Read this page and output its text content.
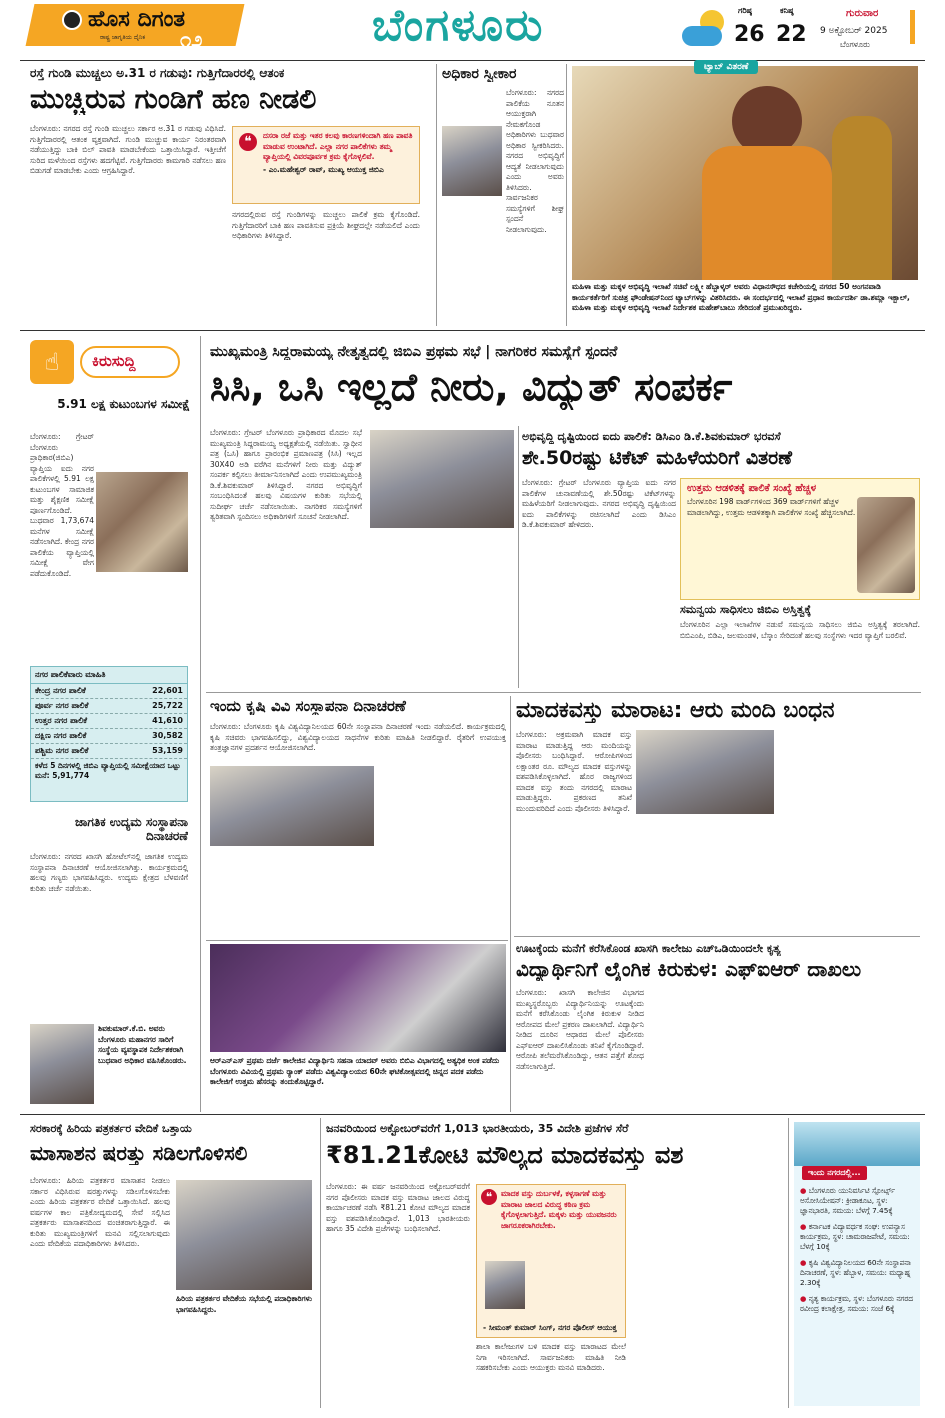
ಹೊಸ ದಿಗಂತ
ರಾಷ್ಟ್ರ ಜಾಗೃತಿಯ ದೈನಿಕ ೧೨	ಬೆಂಗಳೂರು	ಗರಿಷ್ಠ
26
ಕನಿಷ್ಠ
22
ಗುರುವಾರ
9 ಅಕ್ಟೋಬರ್ 2025
ಬೆಂಗಳೂರು
ರಸ್ತೆ ಗುಂಡಿ ಮುಚ್ಚಲು ಅ.31 ರ ಗಡುವು: ಗುತ್ತಿಗೆದಾರರಲ್ಲಿ ಆತಂಕ
ಮುಚ್ಚಿರುವ ಗುಂಡಿಗೆ ಹಣ ನೀಡಲಿ
ಬೆಂಗಳೂರು: ನಗರದ ರಸ್ತೆ ಗುಂಡಿ ಮುಚ್ಚಲು ಸರ್ಕಾರ ಅ.31 ರ ಗಡುವು ವಿಧಿಸಿದೆ. ಗುತ್ತಿಗೆದಾರರಲ್ಲಿ ಆತಂಕ ವ್ಯಕ್ತವಾಗಿದೆ. ಗುಂಡಿ ಮುಚ್ಚುವ ಕಾರ್ಯ ನಿರಂತರವಾಗಿ ನಡೆಯುತ್ತಿದ್ದು ಬಾಕಿ ಬಿಲ್ ಪಾವತಿ ಮಾಡಬೇಕೆಂದು ಒತ್ತಾಯಿಸಿದ್ದಾರೆ. ಇತ್ತೀಚೆಗೆ ಸುರಿದ ಮಳೆಯಿಂದ ರಸ್ತೆಗಳು ಹದಗೆಟ್ಟಿವೆ. ಗುತ್ತಿಗೆದಾರರು ಕಾಮಗಾರಿ ನಡೆಸಲು ಹಣ ಬಿಡುಗಡೆ ಮಾಡಬೇಕು ಎಂದು ಆಗ್ರಹಿಸಿದ್ದಾರೆ.
❝	ದಸರಾ ರಜೆ ಮತ್ತು ಇತರ ಕಲವು ಕಾರಣಗಳಿಂದಾಗಿ ಹಣ ಪಾವತಿ ಮಾಡುವ ಉಂಟಾಗಿದೆ. ಎಲ್ಲಾ ನಗರ ಪಾಲಿಕೆಗಳು ತಮ್ಮ ವ್ಯಾಪ್ತಿಯಲ್ಲಿ ವಿವರಪೂರ್ವಕ ಕ್ರಮ ಕೈಗೊಳ್ಳಲಿವೆ.
- ಎಂ.ಮಹೇಶ್ವರ್ ರಾವ್, ಮುಖ್ಯ ಆಯುಕ್ತ ಜಿಬಿಎ
ನಗರದಲ್ಲಿರುವ ರಸ್ತೆ ಗುಂಡಿಗಳನ್ನು ಮುಚ್ಚಲು ಪಾಲಿಕೆ ಕ್ರಮ ಕೈಗೊಂಡಿದೆ. ಗುತ್ತಿಗೆದಾರರಿಗೆ ಬಾಕಿ ಹಣ ಪಾವತಿಸುವ ಪ್ರಕ್ರಿಯೆ ಶೀಘ್ರದಲ್ಲೇ ನಡೆಯಲಿದೆ ಎಂದು ಅಧಿಕಾರಿಗಳು ತಿಳಿಸಿದ್ದಾರೆ.
ಅಧಿಕಾರ ಸ್ವೀಕಾರ
ಬೆಂಗಳೂರು: ನಗರದ ಪಾಲಿಕೆಯ ನೂತನ ಆಯುಕ್ತರಾಗಿ ನೇಮಕಗೊಂಡ ಅಧಿಕಾರಿಗಳು ಬುಧವಾರ ಅಧಿಕಾರ ಸ್ವೀಕರಿಸಿದರು. ನಗರದ ಅಭಿವೃದ್ಧಿಗೆ ಆದ್ಯತೆ ನೀಡಲಾಗುವುದು ಎಂದು ಅವರು ತಿಳಿಸಿದರು. ಸಾರ್ವಜನಿಕರ ಸಮಸ್ಯೆಗಳಿಗೆ ಶೀಘ್ರ ಸ್ಪಂದನೆ ನೀಡಲಾಗುವುದು.
ಟ್ಯಾಬ್ ವಿತರಣೆ
ಮಹಿಳಾ ಮತ್ತು ಮಕ್ಕಳ ಅಭಿವೃದ್ಧಿ ಇಲಾಖೆ ಸಚಿವೆ ಲಕ್ಷ್ಮೀ ಹೆಬ್ಬಾಳ್ಕರ್ ಅವರು ವಿಧಾನಸೌಧದ ಕಚೇರಿಯಲ್ಲಿ ನಗರದ 50 ಅಂಗನವಾಡಿ ಕಾರ್ಯಕರ್ತೆರಿಗೆ ಸುಚಿತ್ರ ಫೌಂಡೇಷನ್‌ನಿಂದ ಟ್ಯಾಬ್‌ಗಳನ್ನು ವಿತರಿಸಿದರು. ಈ ಸಂದರ್ಭದಲ್ಲಿ ಇಲಾಖೆ ಪ್ರಧಾನ ಕಾರ್ಯದರ್ಶಿ ಡಾ.ಶಮ್ಲಾ ಇಕ್ಬಾಲ್, ಮಹಿಳಾ ಮತ್ತು ಮಕ್ಕಳ ಅಭಿವೃದ್ಧಿ ಇಲಾಖೆ ನಿರ್ದೇಶಕ ಮಹೇಶ್‌ಬಾಬು ಸೇರಿದಂತೆ ಪ್ರಮುಖರಿದ್ದರು.
☝	ಕಿರುಸುದ್ದಿ
5.91 ಲಕ್ಷ ಕುಟುಂಬಗಳ ಸಮೀಕ್ಷೆ
ಬೆಂಗಳೂರು: ಗ್ರೇಟರ್ ಬೆಂಗಳೂರು ಪ್ರಾಧಿಕಾರ(ಜಿಬಿಎ) ವ್ಯಾಪ್ತಿಯ ಐದು ನಗರ ಪಾಲಿಕೆಗಳಲ್ಲಿ 5.91 ಲಕ್ಷ ಕುಟುಂಬಗಳ ಸಾಮಾಜಿಕ ಮತ್ತು ಶೈಕ್ಷಣಿಕ ಸಮೀಕ್ಷೆ ಪೂರ್ಣಗೊಂಡಿದೆ. ಬುಧವಾರ 1,73,674 ಮನೆಗಳ ಸಮೀಕ್ಷೆ ನಡೆಸಲಾಗಿದೆ. ಕೇಂದ್ರ ನಗರ ಪಾಲಿಕೆಯ ವ್ಯಾಪ್ತಿಯಲ್ಲಿ ಸಮೀಕ್ಷೆ ವೇಗ ಪಡೆದುಕೊಂಡಿದೆ.
ನಗರ ಪಾಲಿಕೆವಾರು ಮಾಹಿತಿ
ಕೇಂದ್ರ ನಗರ ಪಾಲಿಕೆ	22,601
ಪೂರ್ವ ನಗರ ಪಾಲಿಕೆ	25,722
ಉತ್ತರ ನಗರ ಪಾಲಿಕೆ	41,610
ದಕ್ಷಿಣ ನಗರ ಪಾಲಿಕೆ	30,582
ಪಶ್ಚಿಮ ನಗರ ಪಾಲಿಕೆ	53,159
ಕಳೆದ 5 ದಿನಗಳಲ್ಲಿ ಜಿಬಿಎ ವ್ಯಾಪ್ತಿಯಲ್ಲಿ ಸಮೀಕ್ಷೆಯಾದ ಒಟ್ಟು ಮನೆ: 5,91,774
ಜಾಗತಿಕ ಉದ್ಯಮ ಸಂಸ್ಥಾಪನಾ ದಿನಾಚರಣೆ
ಬೆಂಗಳೂರು: ನಗರದ ಖಾಸಗಿ ಹೋಟೆಲ್‌ನಲ್ಲಿ ಜಾಗತಿಕ ಉದ್ಯಮ ಸಂಸ್ಥಾಪನಾ ದಿನಾಚರಣೆ ಆಯೋಜಿಸಲಾಗಿತ್ತು. ಕಾರ್ಯಕ್ರಮದಲ್ಲಿ ಹಲವು ಗಣ್ಯರು ಭಾಗವಹಿಸಿದ್ದರು. ಉದ್ಯಮ ಕ್ಷೇತ್ರದ ಬೆಳವಣಿಗೆ ಕುರಿತು ಚರ್ಚೆ ನಡೆಯಿತು.
ಶಿವಕುಮಾರ್.ಕೆ.ಬಿ. ಅವರು ಬೆಂಗಳೂರು ಮಹಾನಗರ ಸಾರಿಗೆ ಸಂಸ್ಥೆಯ ವ್ಯವಸ್ಥಾಪಕ ನಿರ್ದೇಶಕರಾಗಿ ಬುಧವಾರ ಅಧಿಕಾರ ವಹಿಸಿಕೊಂಡರು.
ಮುಖ್ಯಮಂತ್ರಿ ಸಿದ್ದರಾಮಯ್ಯ ನೇತೃತ್ವದಲ್ಲಿ ಜಿಬಿಎ ಪ್ರಥಮ ಸಭೆ | ನಾಗರಿಕರ ಸಮಸ್ಯೆಗೆ ಸ್ಪಂದನೆ
ಸಿಸಿ, ಒಸಿ ಇಲ್ಲದೆ ನೀರು, ವಿದ್ಯುತ್ ಸಂಪರ್ಕ
ಬೆಂಗಳೂರು: ಗ್ರೇಟರ್ ಬೆಂಗಳೂರು ಪ್ರಾಧಿಕಾರದ ಮೊದಲ ಸಭೆ ಮುಖ್ಯಮಂತ್ರಿ ಸಿದ್ದರಾಮಯ್ಯ ಅಧ್ಯಕ್ಷತೆಯಲ್ಲಿ ನಡೆಯಿತು. ಸ್ವಾಧೀನ ಪತ್ರ (ಒಸಿ) ಹಾಗೂ ಪ್ರಾರಂಭಿಕ ಪ್ರಮಾಣಪತ್ರ (ಸಿಸಿ) ಇಲ್ಲದ 30X40 ಅಡಿ ವರೆಗಿನ ಮನೆಗಳಿಗೆ ನೀರು ಮತ್ತು ವಿದ್ಯುತ್ ಸಂಪರ್ಕ ಕಲ್ಪಿಸಲು ತೀರ್ಮಾನಿಸಲಾಗಿದೆ ಎಂದು ಉಪಮುಖ್ಯಮಂತ್ರಿ ಡಿ.ಕೆ.ಶಿವಕುಮಾರ್ ತಿಳಿಸಿದ್ದಾರೆ. ನಗರದ ಅಭಿವೃದ್ಧಿಗೆ ಸಂಬಂಧಿಸಿದಂತೆ ಹಲವು ವಿಷಯಗಳ ಕುರಿತು ಸಭೆಯಲ್ಲಿ ಸುದೀರ್ಘ ಚರ್ಚೆ ನಡೆಸಲಾಯಿತು. ನಾಗರಿಕರ ಸಮಸ್ಯೆಗಳಿಗೆ ತ್ವರಿತವಾಗಿ ಸ್ಪಂದಿಸಲು ಅಧಿಕಾರಿಗಳಿಗೆ ಸೂಚನೆ ನೀಡಲಾಗಿದೆ.
ಅಭಿವೃದ್ಧಿ ದೃಷ್ಟಿಯಿಂದ ಐದು ಪಾಲಿಕೆ: ಡಿಸಿಎಂ ಡಿ.ಕೆ.ಶಿವಕುಮಾರ್ ಭರವಸೆ
ಶೇ.50ರಷ್ಟು ಟಿಕೆಟ್ ಮಹಿಳೆಯರಿಗೆ ವಿತರಣೆ
ಬೆಂಗಳೂರು: ಗ್ರೇಟರ್ ಬೆಂಗಳೂರು ವ್ಯಾಪ್ತಿಯ ಐದು ನಗರ ಪಾಲಿಕೆಗಳ ಚುನಾವಣೆಯಲ್ಲಿ ಶೇ.50ರಷ್ಟು ಟಿಕೆಟ್‌ಗಳನ್ನು ಮಹಿಳೆಯರಿಗೆ ನೀಡಲಾಗುವುದು. ನಗರದ ಅಭಿವೃದ್ಧಿ ದೃಷ್ಟಿಯಿಂದ ಐದು ಪಾಲಿಕೆಗಳನ್ನು ರಚಿಸಲಾಗಿದೆ ಎಂದು ಡಿಸಿಎಂ ಡಿ.ಕೆ.ಶಿವಕುಮಾರ್ ಹೇಳಿದರು.
ಉತ್ತಮ ಆಡಳಿತಕ್ಕೆ ಪಾಲಿಕೆ ಸಂಖ್ಯೆ ಹೆಚ್ಚಳ
ಬೆಂಗಳೂರಿನ 198 ವಾರ್ಡ್‌ಗಳಿಂದ 369 ವಾರ್ಡ್‌ಗಳಿಗೆ ಹೆಚ್ಚಳ ಮಾಡಲಾಗಿದ್ದು, ಉತ್ತಮ ಆಡಳಿತಕ್ಕಾಗಿ ಪಾಲಿಕೆಗಳ ಸಂಖ್ಯೆ ಹೆಚ್ಚಿಸಲಾಗಿದೆ.
ಸಮನ್ವಯ ಸಾಧಿಸಲು ಜಿಬಿಎ ಅಸ್ತಿತ್ವಕ್ಕೆ
ಬೆಂಗಳೂರಿನ ಎಲ್ಲಾ ಇಲಾಖೆಗಳ ನಡುವೆ ಸಮನ್ವಯ ಸಾಧಿಸಲು ಜಿಬಿಎ ಅಸ್ತಿತ್ವಕ್ಕೆ ತರಲಾಗಿದೆ. ಬಿಬಿಎಂಪಿ, ಬಿಡಿಎ, ಜಲಮಂಡಳಿ, ಬೆಸ್ಕಾಂ ಸೇರಿದಂತೆ ಹಲವು ಸಂಸ್ಥೆಗಳು ಇದರ ವ್ಯಾಪ್ತಿಗೆ ಬರಲಿವೆ.
ಇಂದು ಕೃಷಿ ವಿವಿ ಸಂಸ್ಥಾಪನಾ ದಿನಾಚರಣೆ
ಬೆಂಗಳೂರು: ಬೆಂಗಳೂರು ಕೃಷಿ ವಿಶ್ವವಿದ್ಯಾನಿಲಯದ 60ನೇ ಸಂಸ್ಥಾಪನಾ ದಿನಾಚರಣೆ ಇಂದು ನಡೆಯಲಿದೆ. ಕಾರ್ಯಕ್ರಮದಲ್ಲಿ ಕೃಷಿ ಸಚಿವರು ಭಾಗವಹಿಸಲಿದ್ದು, ವಿಶ್ವವಿದ್ಯಾಲಯದ ಸಾಧನೆಗಳ ಕುರಿತು ಮಾಹಿತಿ ನೀಡಲಿದ್ದಾರೆ. ರೈತರಿಗೆ ಉಪಯುಕ್ತ ತಂತ್ರಜ್ಞಾನಗಳ ಪ್ರದರ್ಶನ ಆಯೋಜಿಸಲಾಗಿದೆ.
ಆರ್‌ಎನ್‌ಎಸ್ ಪ್ರಥಮ ದರ್ಜೆ ಕಾಲೇಜಿನ ವಿದ್ಯಾರ್ಥಿನಿ ಸಹನಾ ಯಾದವ್ ಅವರು ಬಿಬಿಎ ವಿಭಾಗದಲ್ಲಿ ಅತ್ಯಧಿಕ ಅಂಕ ಪಡೆದು ಬೆಂಗಳೂರು ವಿವಿಯಲ್ಲಿ ಪ್ರಥಮ ರ‍್ಯಾಂಕ್ ಪಡೆದು ವಿಶ್ವವಿದ್ಯಾಲಯದ 60ನೇ ಘಟಿಕೋತ್ಸವದಲ್ಲಿ ಚಿನ್ನದ ಪದಕ ಪಡೆದು ಕಾಲೇಜಿಗೆ ಉತ್ತಮ ಹೆಸರನ್ನು ತಂದುಕೊಟ್ಟಿದ್ದಾರೆ.
ಮಾದಕವಸ್ತು ಮಾರಾಟ: ಆರು ಮಂದಿ ಬಂಧನ
ಬೆಂಗಳೂರು: ಅಕ್ರಮವಾಗಿ ಮಾದಕ ವಸ್ತು ಮಾರಾಟ ಮಾಡುತ್ತಿದ್ದ ಆರು ಮಂದಿಯನ್ನು ಪೊಲೀಸರು ಬಂಧಿಸಿದ್ದಾರೆ. ಆರೋಪಿಗಳಿಂದ ಲಕ್ಷಾಂತರ ರೂ. ಮೌಲ್ಯದ ಮಾದಕ ವಸ್ತುಗಳನ್ನು ವಶಪಡಿಸಿಕೊಳ್ಳಲಾಗಿದೆ. ಹೊರ ರಾಜ್ಯಗಳಿಂದ ಮಾದಕ ವಸ್ತು ತಂದು ನಗರದಲ್ಲಿ ಮಾರಾಟ ಮಾಡುತ್ತಿದ್ದರು. ಪ್ರಕರಣದ ತನಿಖೆ ಮುಂದುವರಿದಿದೆ ಎಂದು ಪೊಲೀಸರು ತಿಳಿಸಿದ್ದಾರೆ.
ಊಟಕ್ಕೆಂದು ಮನೆಗೆ ಕರೆಸಿಕೊಂಡ ಖಾಸಗಿ ಕಾಲೇಜು ಎಚ್‌ಒಡಿಯಿಂದಲೇ ಕೃತ್ಯ
ವಿದ್ಯಾರ್ಥಿನಿಗೆ ಲೈಂಗಿಕ ಕಿರುಕುಳ: ಎಫ್‌ಐಆರ್ ದಾಖಲು
ಬೆಂಗಳೂರು: ಖಾಸಗಿ ಕಾಲೇಜಿನ ವಿಭಾಗದ ಮುಖ್ಯಸ್ಥರೊಬ್ಬರು ವಿದ್ಯಾರ್ಥಿನಿಯನ್ನು ಊಟಕ್ಕೆಂದು ಮನೆಗೆ ಕರೆಸಿಕೊಂಡು ಲೈಂಗಿಕ ಕಿರುಕುಳ ನೀಡಿದ ಆರೋಪದ ಮೇಲೆ ಪ್ರಕರಣ ದಾಖಲಾಗಿದೆ. ವಿದ್ಯಾರ್ಥಿನಿ ನೀಡಿದ ದೂರಿನ ಆಧಾರದ ಮೇಲೆ ಪೊಲೀಸರು ಎಫ್‌ಐಆರ್ ದಾಖಲಿಸಿಕೊಂಡು ತನಿಖೆ ಕೈಗೊಂಡಿದ್ದಾರೆ. ಆರೋಪಿ ತಲೆಮರೆಸಿಕೊಂಡಿದ್ದು, ಆತನ ಪತ್ತೆಗೆ ಶೋಧ ನಡೆಸಲಾಗುತ್ತಿದೆ.
ಸರಕಾರಕ್ಕೆ ಹಿರಿಯ ಪತ್ರಕರ್ತರ ವೇದಿಕೆ ಒತ್ತಾಯ
ಮಾಸಾಶನ ಷರತ್ತು ಸಡಿಲಗೊಳಿಸಲಿ
ಬೆಂಗಳೂರು: ಹಿರಿಯ ಪತ್ರಕರ್ತರ ಮಾಸಾಶನ ನೀಡಲು ಸರ್ಕಾರ ವಿಧಿಸಿರುವ ಷರತ್ತುಗಳನ್ನು ಸಡಿಲಗೊಳಿಸಬೇಕು ಎಂದು ಹಿರಿಯ ಪತ್ರಕರ್ತರ ವೇದಿಕೆ ಒತ್ತಾಯಿಸಿದೆ. ಹಲವು ವರ್ಷಗಳ ಕಾಲ ಪತ್ರಿಕೋದ್ಯಮದಲ್ಲಿ ಸೇವೆ ಸಲ್ಲಿಸಿದ ಪತ್ರಕರ್ತರು ಮಾಸಾಶನದಿಂದ ವಂಚಿತರಾಗುತ್ತಿದ್ದಾರೆ. ಈ ಕುರಿತು ಮುಖ್ಯಮಂತ್ರಿಗಳಿಗೆ ಮನವಿ ಸಲ್ಲಿಸಲಾಗುವುದು ಎಂದು ವೇದಿಕೆಯ ಪದಾಧಿಕಾರಿಗಳು ತಿಳಿಸಿದರು.
ಹಿರಿಯ ಪತ್ರಕರ್ತರ ವೇದಿಕೆಯ ಸಭೆಯಲ್ಲಿ ಪದಾಧಿಕಾರಿಗಳು ಭಾಗವಹಿಸಿದ್ದರು.
ಜನವರಿಯಿಂದ ಅಕ್ಟೋಬರ್‌ವರೆಗೆ 1,013 ಭಾರತೀಯರು, 35 ವಿದೇಶಿ ಪ್ರಜೆಗಳ ಸೆರೆ
₹81.21ಕೋಟಿ ಮೌಲ್ಯದ ಮಾದಕವಸ್ತು ವಶ
ಬೆಂಗಳೂರು: ಈ ವರ್ಷ ಜನವರಿಯಿಂದ ಅಕ್ಟೋಬರ್‌ವರೆಗೆ ನಗರ ಪೊಲೀಸರು ಮಾದಕ ವಸ್ತು ಮಾರಾಟ ಜಾಲದ ವಿರುದ್ಧ ಕಾರ್ಯಾಚರಣೆ ನಡೆಸಿ ₹81.21 ಕೋಟಿ ಮೌಲ್ಯದ ಮಾದಕ ವಸ್ತು ವಶಪಡಿಸಿಕೊಂಡಿದ್ದಾರೆ. 1,013 ಭಾರತೀಯರು ಹಾಗೂ 35 ವಿದೇಶಿ ಪ್ರಜೆಗಳನ್ನು ಬಂಧಿಸಲಾಗಿದೆ.
❝	ಮಾದಕ ವಸ್ತು ದುರ್ಬಳಕೆ, ಕಳ್ಳಸಾಗಣೆ ಮತ್ತು ಮಾರಾಟ ಜಾಲದ ವಿರುದ್ಧ ಕಠಿಣ ಕ್ರಮ ಕೈಗೊಳ್ಳಲಾಗುತ್ತಿದೆ. ಮಕ್ಕಳು ಮತ್ತು ಯುವಜನರು ಜಾಗರೂಕರಾಗಿರಬೇಕು.
- ಸೀಮಂತ್ ಕುಮಾರ್ ಸಿಂಗ್, ನಗರ ಪೊಲೀಸ್ ಆಯುಕ್ತ
ಶಾಲಾ ಕಾಲೇಜುಗಳ ಬಳಿ ಮಾದಕ ವಸ್ತು ಮಾರಾಟದ ಮೇಲೆ ನಿಗಾ ಇರಿಸಲಾಗಿದೆ. ಸಾರ್ವಜನಿಕರು ಮಾಹಿತಿ ನೀಡಿ ಸಹಕರಿಸಬೇಕು ಎಂದು ಆಯುಕ್ತರು ಮನವಿ ಮಾಡಿದರು.
ಇಂದು ನಗರದಲ್ಲಿ...
● ಬೆಂಗಳೂರು ಯುನಿವರ್ಸಿಟಿ ಸ್ಪೋರ್ಟ್ಸ್ ಅಸೋಸಿಯೇಷನ್: ಕ್ರೀಡಾಕೂಟ, ಸ್ಥಳ: ಜ್ಞಾನಭಾರತಿ, ಸಮಯ: ಬೆಳಗ್ಗೆ 7.45ಕ್ಕೆ
● ಕರ್ನಾಟಕ ವಿದ್ಯಾವರ್ಧಕ ಸಂಘ: ಉಪನ್ಯಾಸ ಕಾರ್ಯಕ್ರಮ, ಸ್ಥಳ: ಚಾಮರಾಜಪೇಟೆ, ಸಮಯ: ಬೆಳಗ್ಗೆ 10ಕ್ಕೆ
● ಕೃಷಿ ವಿಶ್ವವಿದ್ಯಾನಿಲಯದ 60ನೇ ಸಂಸ್ಥಾಪನಾ ದಿನಾಚರಣೆ, ಸ್ಥಳ: ಹೆಬ್ಬಾಳ, ಸಮಯ: ಮಧ್ಯಾಹ್ನ 2.30ಕ್ಕೆ
● ನೃತ್ಯ ಕಾರ್ಯಕ್ರಮ, ಸ್ಥಳ: ಬೆಂಗಳೂರು ನಗರದ ರವೀಂದ್ರ ಕಲಾಕ್ಷೇತ್ರ, ಸಮಯ: ಸಂಜೆ 6ಕ್ಕೆ
